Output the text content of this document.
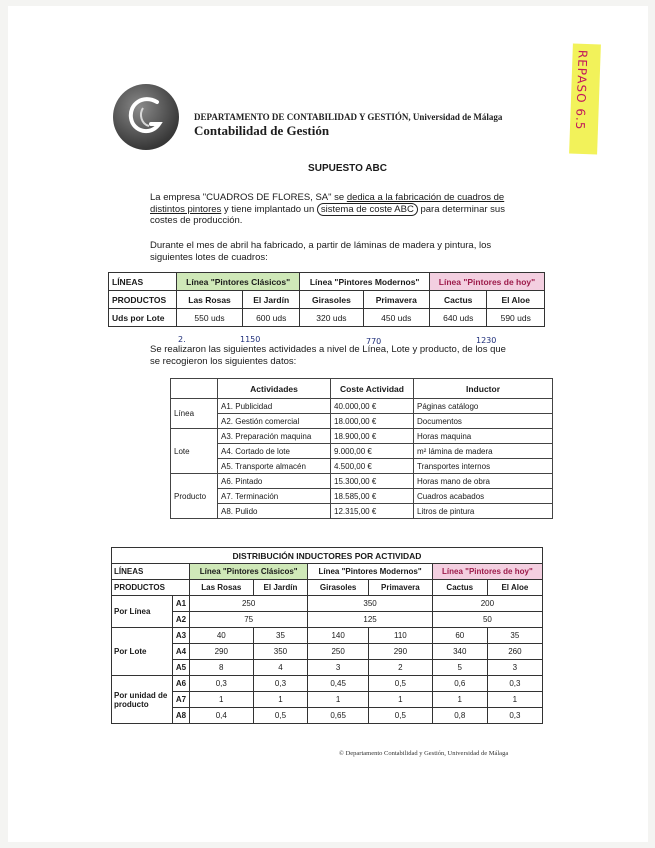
REPASO 6.5
DEPARTAMENTO DE CONTABILIDAD Y GESTIÓN, Universidad de Málaga
Contabilidad de Gestión
SUPUESTO ABC
La empresa "CUADROS DE FLORES, SA" se dedica a la fabricación de cuadros de distintos pintores y tiene implantado un sistema de coste ABC para determinar sus costes de producción.
Durante el mes de abril ha fabricado, a partir de láminas de madera y pintura, los siguientes lotes de cuadros:
LÍNEAS	Línea "Pintores Clásicos"		Línea "Pintores Modernos"		Línea "Pintores de hoy"	
PRODUCTOS	Las Rosas	El Jardín	Girasoles	Primavera	Cactus	El Aloe
Uds por Lote	550 uds	600 uds	320 uds	450 uds	640 uds	590 uds
2.	1150	770	1230
Se realizaron las siguientes actividades a nivel de Línea, Lote y producto, de los que se recogieron los siguientes datos:
	Actividades	Coste Actividad	Inductor
Línea	A1. Publicidad	40.000,00 €	Páginas catálogo
	A2. Gestión comercial	18.000,00 €	Documentos
Lote	A3. Preparación maquina	18.900,00 €	Horas maquina
	A4. Cortado de lote	9.000,00 €	m² lámina de madera
	A5. Transporte almacén	4.500,00 €	Transportes internos
Producto	A6. Pintado	15.300,00 €	Horas mano de obra
	A7. Terminación	18.585,00 €	Cuadros acabados
	A8. Pulido	12.315,00 €	Litros de pintura
DISTRIBUCIÓN INDUCTORES POR ACTIVIDAD							
LÍNEAS		Línea "Pintores Clásicos"		Línea "Pintores Modernos"		Línea "Pintores de hoy"	
PRODUCTOS		Las Rosas	El Jardín	Girasoles	Primavera	Cactus	El Aloe
Por Línea	A1	250		350		200	
	A2	75		125		50	
Por Lote	A3	40	35	140	110	60	35
	A4	290	350	250	290	340	260
	A5	8	4	3	2	5	3
Por unidad de producto	A6	0,3	0,3	0,45	0,5	0,6	0,3
	A7	1	1	1	1	1	1
	A8	0,4	0,5	0,65	0,5	0,8	0,3
© Departamento Contabilidad y Gestión, Universidad de Málaga
